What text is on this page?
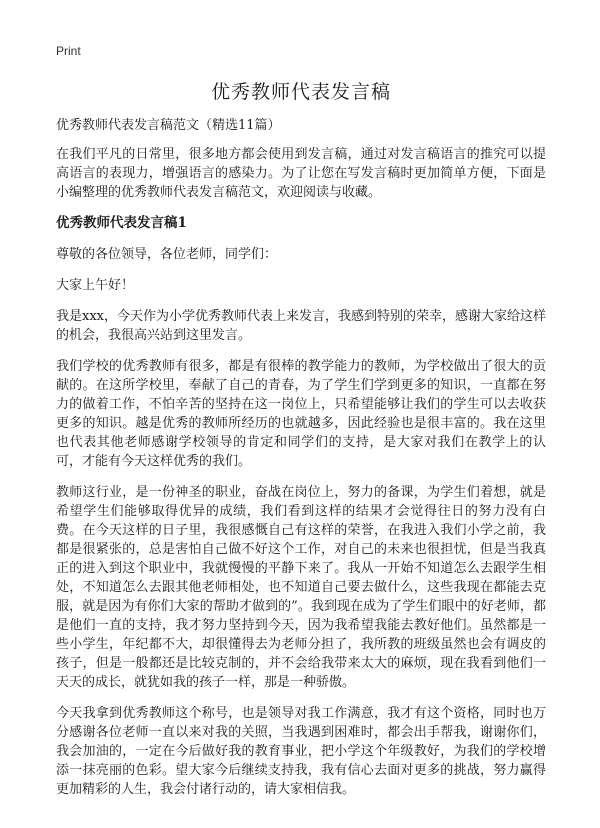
Print
优秀教师代表发言稿
优秀教师代表发言稿范文（精选11篇）

在我们平凡的日常里，很多地方都会使用到发言稿，通过对发言稿语言的推究可以提高语言的表现力，增强语言的感染力。为了让您在写发言稿时更加简单方便，下面是小编整理的优秀教师代表发言稿范文，欢迎阅读与收藏。

优秀教师代表发言稿1

尊敬的各位领导，各位老师，同学们：

大家上午好！

我是xxx，今天作为小学优秀教师代表上来发言，我感到特别的荣幸，感谢大家给这样的机会，我很高兴站到这里发言。

我们学校的优秀教师有很多，都是有很棒的教学能力的教师，为学校做出了很大的贡献的。在这所学校里，奉献了自己的青春，为了学生们学到更多的知识，一直都在努力的做着工作，不怕辛苦的坚持在这一岗位上，只希望能够让我们的学生可以去收获更多的知识。越是优秀的教师所经历的也就越多，因此经验也是很丰富的。我在这里也代表其他老师感谢学校领导的肯定和同学们的支持，是大家对我们在教学上的认可，才能有今天这样优秀的我们。

教师这行业，是一份神圣的职业，奋战在岗位上，努力的备课，为学生们着想，就是希望学生们能够取得优异的成绩，我们看到这样的结果才会觉得往日的努力没有白费。在今天这样的日子里，我很感慨自己有这样的荣誉，在我进入我们小学之前，我都是很紧张的，总是害怕自己做不好这个工作，对自己的未来也很担忧，但是当我真正的进入到这个职业中，我就慢慢的平静下来了。我从一开始不知道怎么去跟学生相处，不知道怎么去跟其他老师相处，也不知道自己要去做什么，这些我现在都能去克服，就是因为有你们大家的帮助才做到的”。我到现在成为了学生们眼中的好老师，都是他们一直的支持，我才努力坚持到今天，因为我希望我能去教好他们。虽然都是一些小学生，年纪都不大，却很懂得去为老师分担了，我所教的班级虽然也会有调皮的孩子，但是一般都还是比较克制的，并不会给我带来太大的麻烦，现在我看到他们一天天的成长，就犹如我的孩子一样，那是一种骄傲。

今天我拿到优秀教师这个称号，也是领导对我工作满意，我才有这个资格，同时也万分感谢各位老师一直以来对我的关照，当我遇到困难时，都会出手帮我，谢谢你们，我会加油的，一定在今后做好我的教育事业，把小学这个年级教好，为我们的学校增添一抹亮丽的色彩。望大家今后继续支持我，我有信心去面对更多的挑战，努力赢得更加精彩的人生，我会付诸行动的，请大家相信我。
